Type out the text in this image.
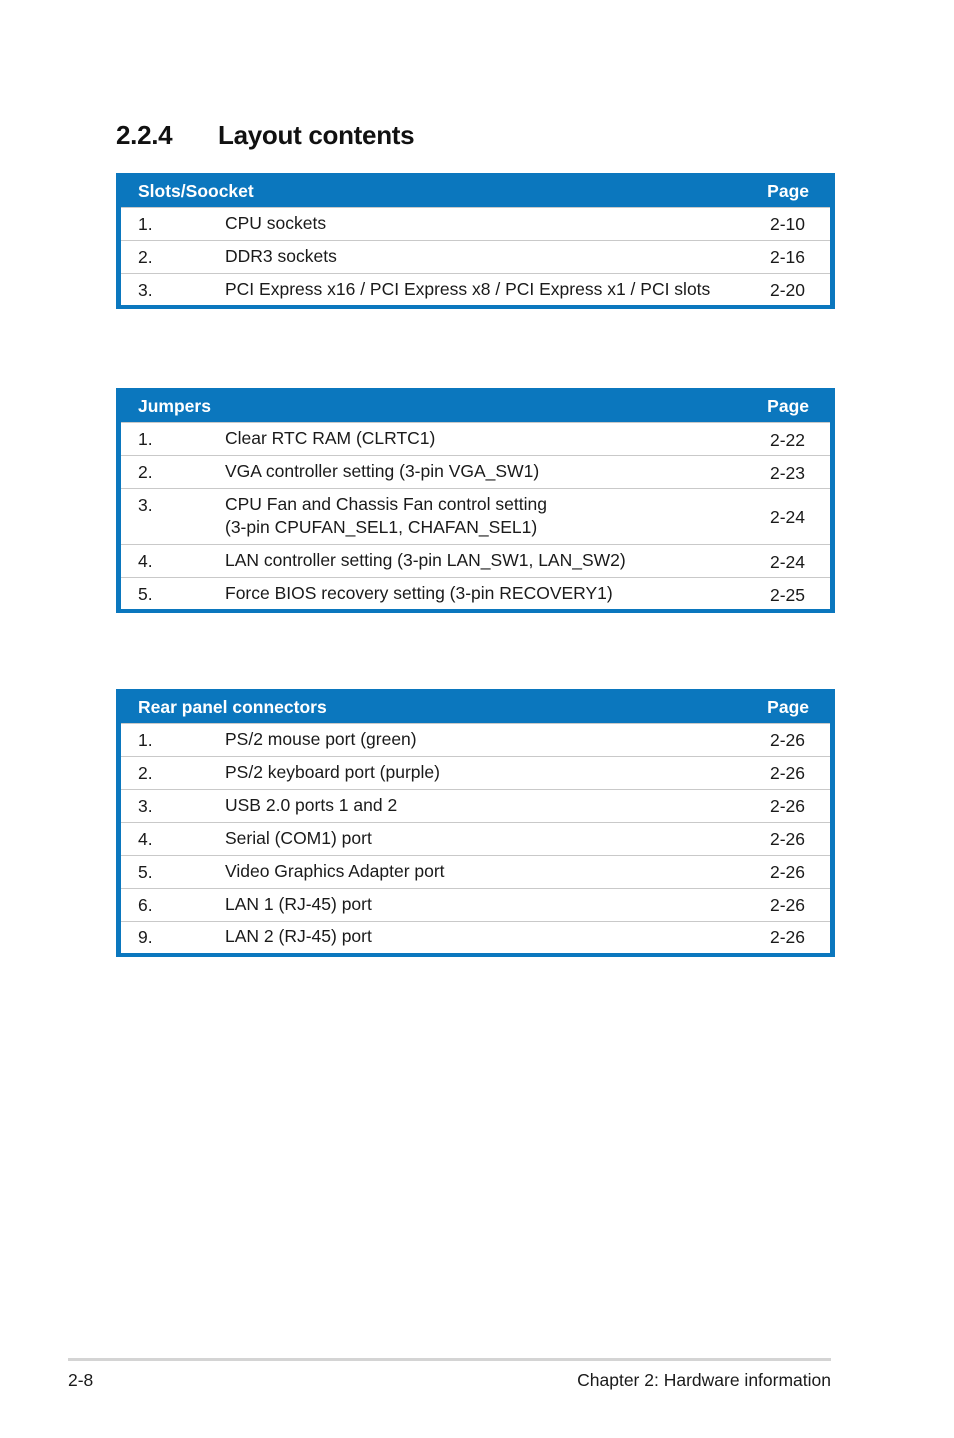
2.2.4 Layout contents
Slots/Soocket	Page
1.	CPU sockets	2-10
2.	DDR3 sockets	2-16
3.	PCI Express x16 / PCI Express x8 / PCI Express x1 / PCI slots	2-20
Jumpers	Page
1.	Clear RTC RAM (CLRTC1)	2-22
2.	VGA controller setting (3-pin VGA_SW1)	2-23
3.	CPU Fan and Chassis Fan control setting
(3-pin CPUFAN_SEL1, CHAFAN_SEL1)	2-24
4.	LAN controller setting (3-pin LAN_SW1, LAN_SW2)	2-24
5.	Force BIOS recovery setting (3-pin RECOVERY1)	2-25
Rear panel connectors	Page
1.	PS/2 mouse port (green)	2-26
2.	PS/2 keyboard port (purple)	2-26
3.	USB 2.0 ports 1 and 2	2-26
4.	Serial (COM1) port	2-26
5.	Video Graphics Adapter port	2-26
6.	LAN 1 (RJ-45) port	2-26
9.	LAN 2 (RJ-45) port	2-26
2-8	Chapter 2: Hardware information
